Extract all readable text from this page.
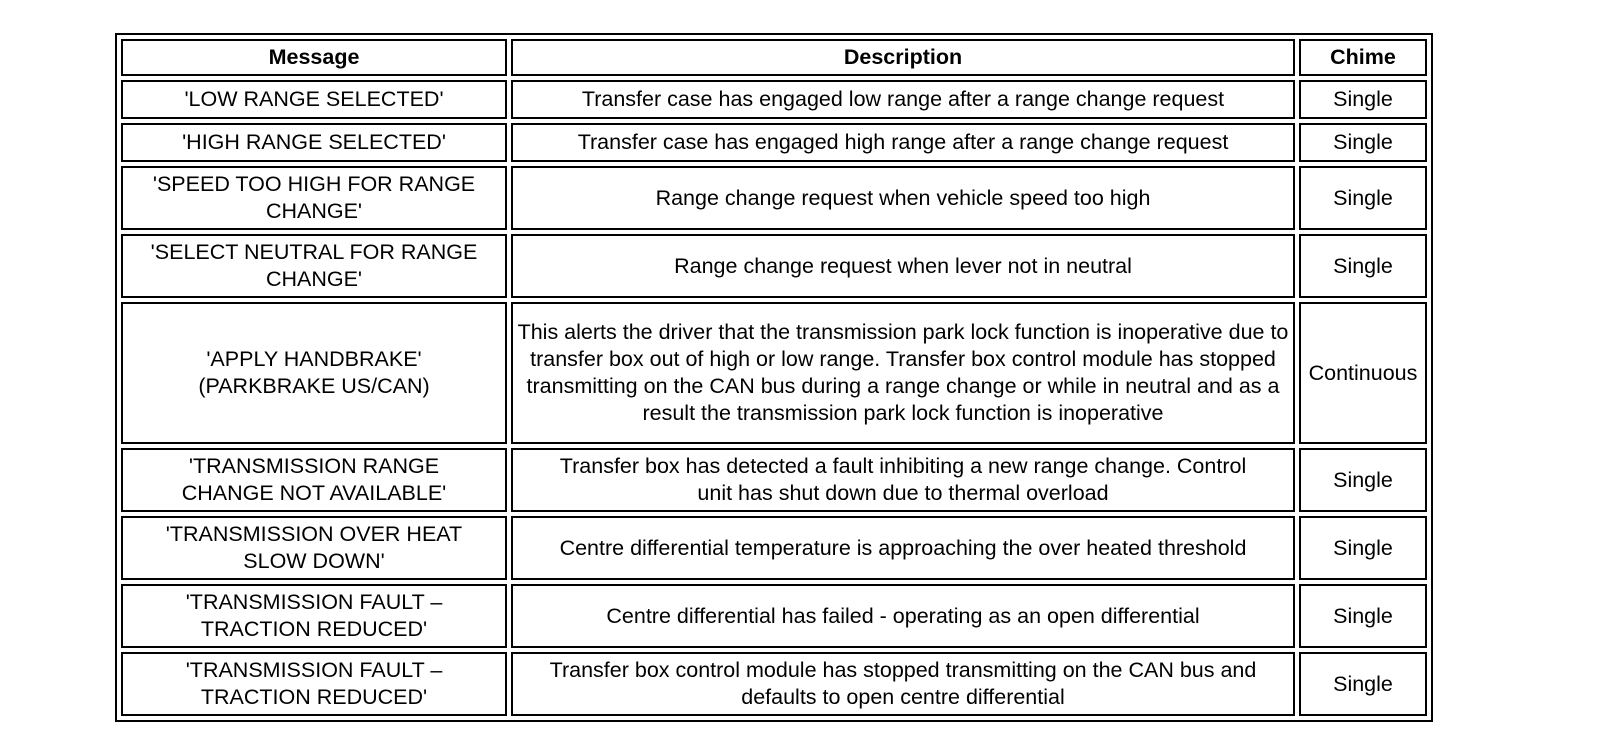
Message	Description	Chime
'LOW RANGE SELECTED'	Transfer case has engaged low range after a range change request	Single
'HIGH RANGE SELECTED'	Transfer case has engaged high range after a range change request	Single
'SPEED TOO HIGH FOR RANGE CHANGE'	Range change request when vehicle speed too high	Single
'SELECT NEUTRAL FOR RANGE CHANGE'	Range change request when lever not in neutral	Single
'APPLY HANDBRAKE' (PARKBRAKE US/CAN)	This alerts the driver that the transmission park lock function is inoperative due to transfer box out of high or low range. Transfer box control module has stopped transmitting on the CAN bus during a range change or while in neutral and as a result the transmission park lock function is inoperative	Continuous
'TRANSMISSION RANGE CHANGE NOT AVAILABLE'	Transfer box has detected a fault inhibiting a new range change. Control unit has shut down due to thermal overload	Single
'TRANSMISSION OVER HEAT SLOW DOWN'	Centre differential temperature is approaching the over heated threshold	Single
'TRANSMISSION FAULT – TRACTION REDUCED'	Centre differential has failed - operating as an open differential	Single
'TRANSMISSION FAULT – TRACTION REDUCED'	Transfer box control module has stopped transmitting on the CAN bus and defaults to open centre differential	Single
